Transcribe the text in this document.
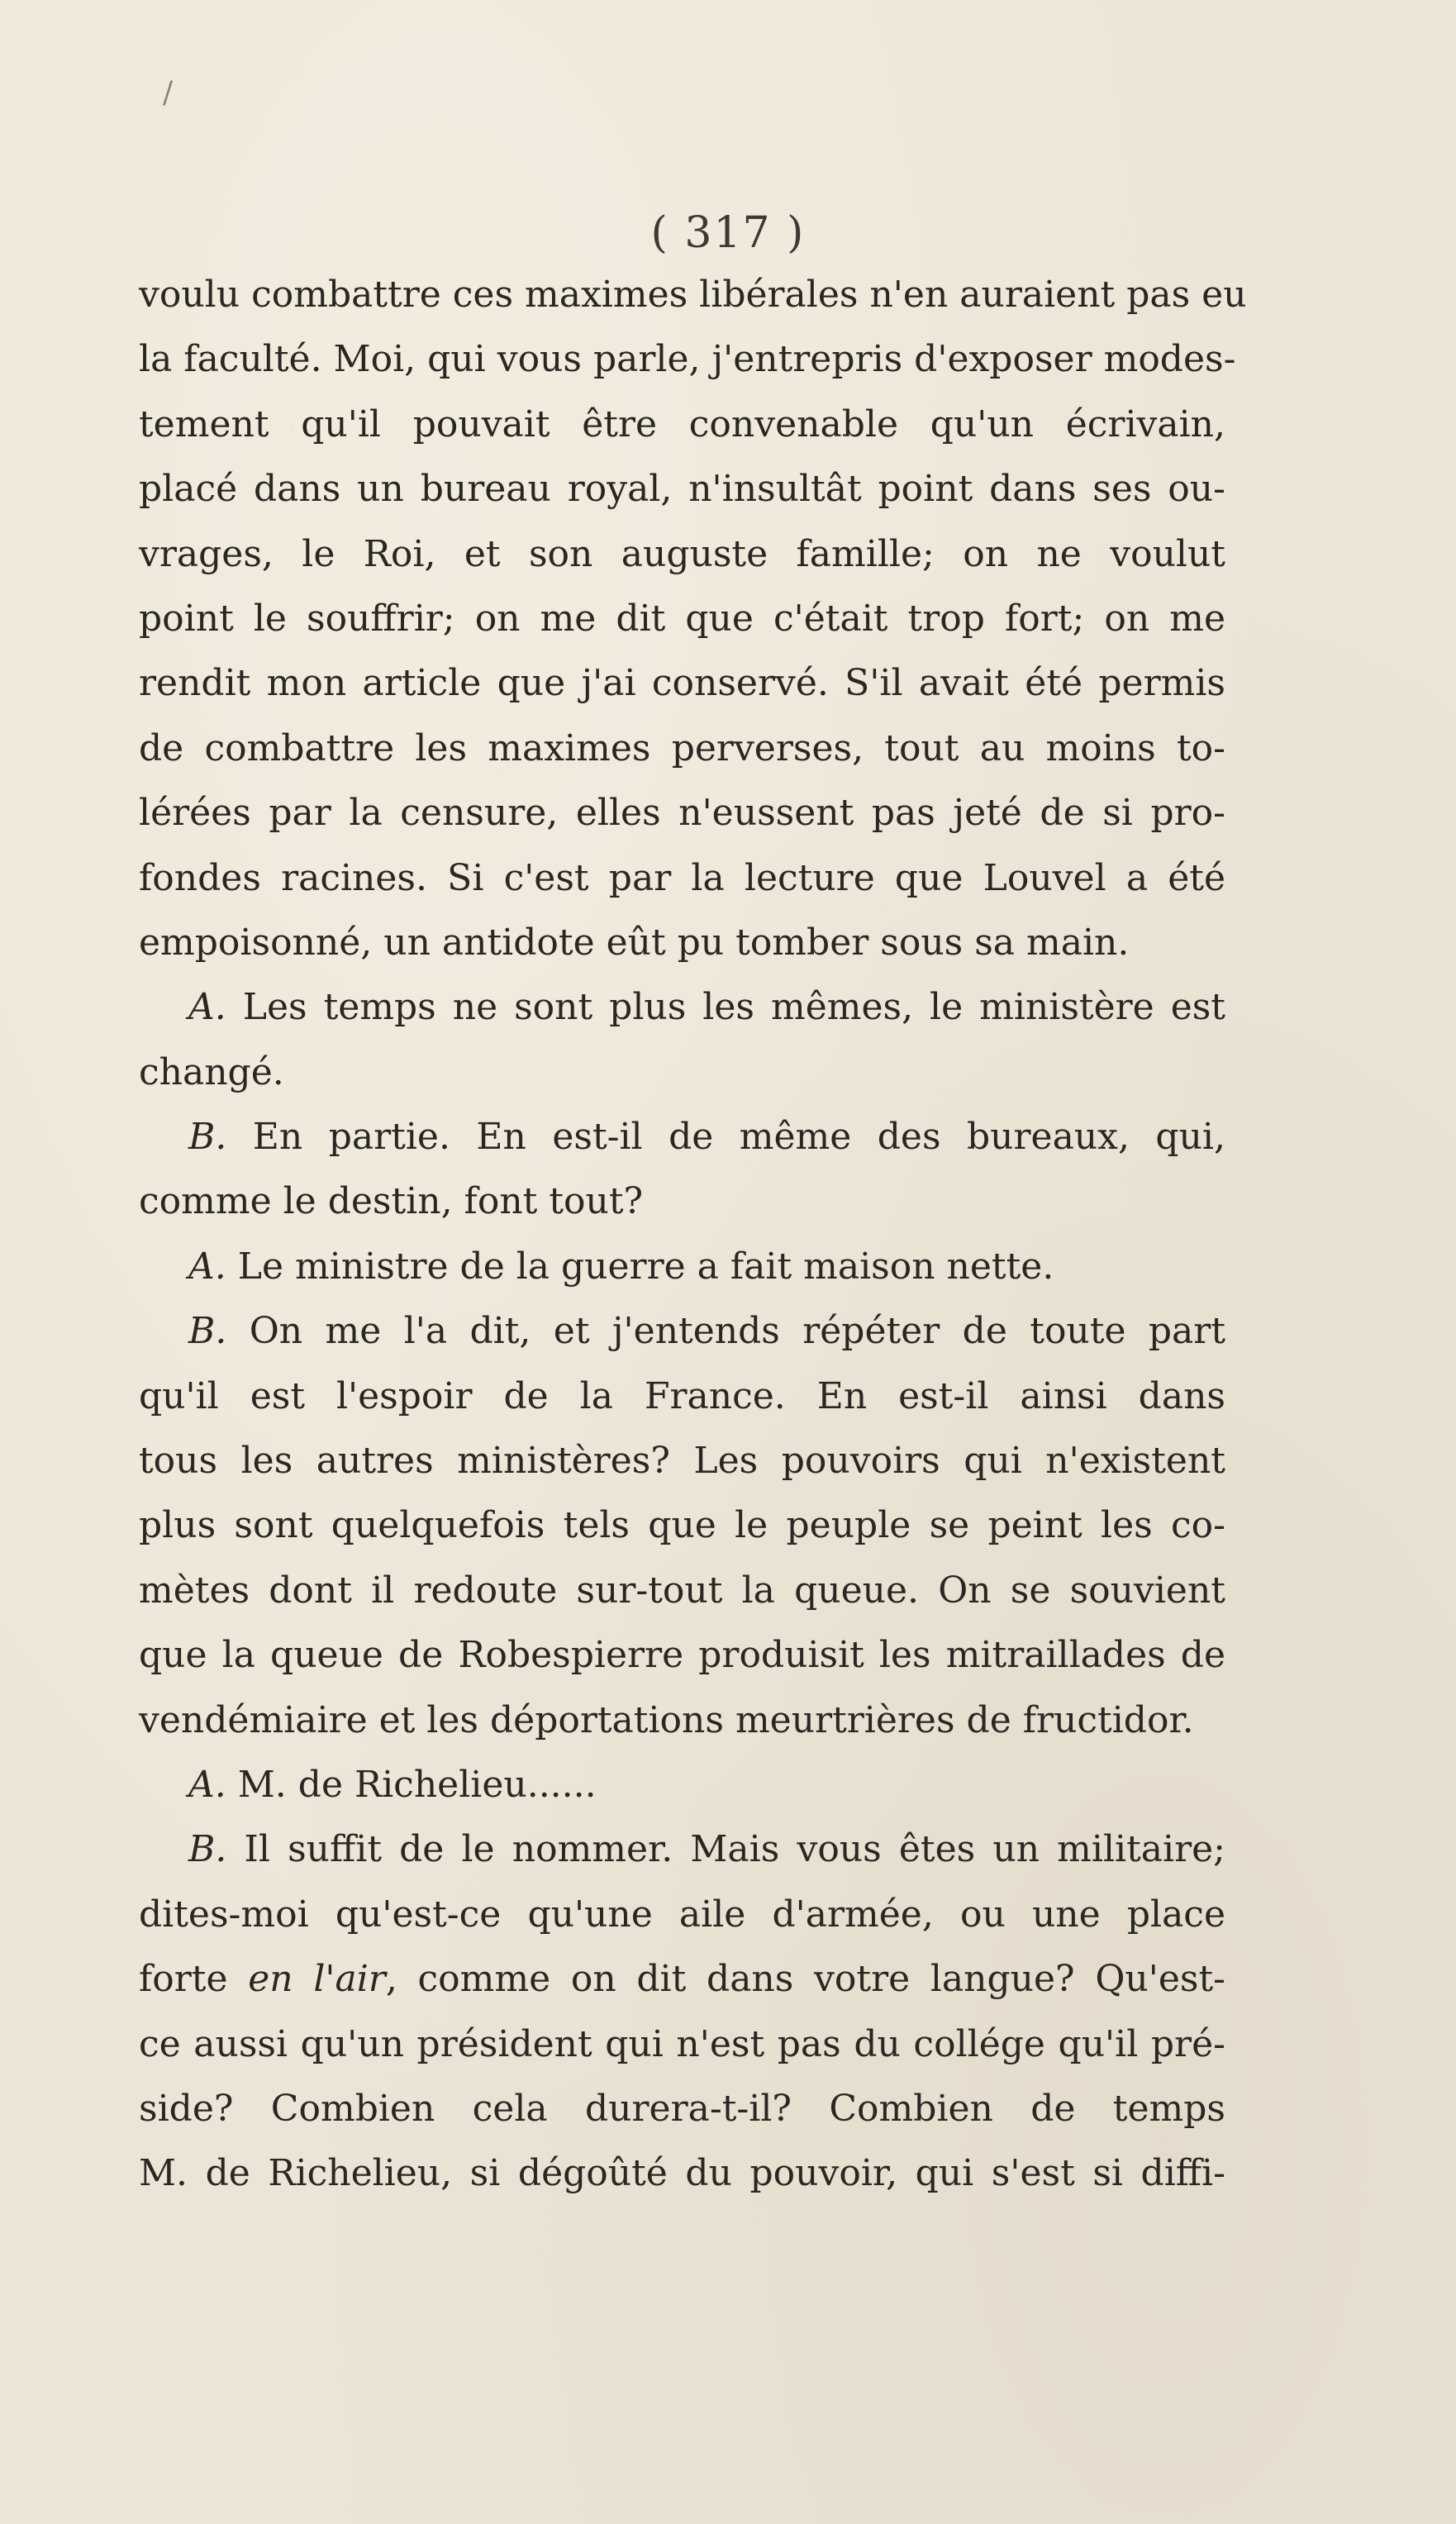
/
( 317 )
voulu combattre ces maximes libérales n'en auraient pas eu
la faculté. Moi, qui vous parle, j'entrepris d'exposer modes-
tement qu'il pouvait être convenable qu'un écrivain,
placé dans un bureau royal, n'insultât point dans ses ou-
vrages, le Roi, et son auguste famille; on ne voulut
point le souffrir; on me dit que c'était trop fort; on me
rendit mon article que j'ai conservé. S'il avait été permis
de combattre les maximes perverses, tout au moins to-
lérées par la censure, elles n'eussent pas jeté de si pro-
fondes racines. Si c'est par la lecture que Louvel a été
empoisonné, un antidote eût pu tomber sous sa main.
A. Les temps ne sont plus les mêmes, le ministère est
changé.
B. En partie. En est-il de même des bureaux, qui,
comme le destin, font tout?
A. Le ministre de la guerre a fait maison nette.
B. On me l'a dit, et j'entends répéter de toute part
qu'il est l'espoir de la France. En est-il ainsi dans
tous les autres ministères? Les pouvoirs qui n'existent
plus sont quelquefois tels que le peuple se peint les co-
mètes dont il redoute sur-tout la queue. On se souvient
que la queue de Robespierre produisit les mitraillades de
vendémiaire et les déportations meurtrières de fructidor.
A. M. de Richelieu......
B. Il suffit de le nommer. Mais vous êtes un militaire;
dites-moi qu'est-ce qu'une aile d'armée, ou une place
forte en l'air, comme on dit dans votre langue? Qu'est-
ce aussi qu'un président qui n'est pas du collége qu'il pré-
side? Combien cela durera-t-il? Combien de temps
M. de Richelieu, si dégoûté du pouvoir, qui s'est si diffi-
